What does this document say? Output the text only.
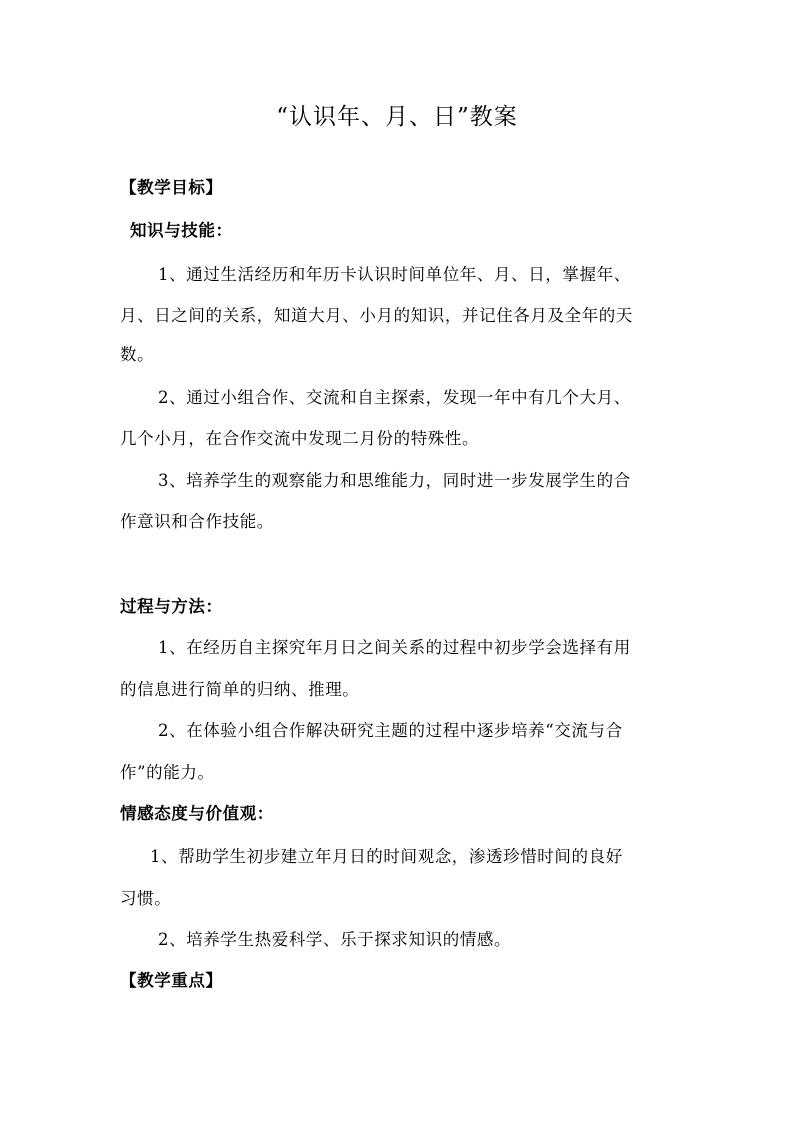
“认识年、月、日”教案
【教学目标】
知识与技能：
1、通过生活经历和年历卡认识时间单位年、月、日，掌握年、
月、日之间的关系，知道大月、小月的知识，并记住各月及全年的天
数。
2、通过小组合作、交流和自主探索，发现一年中有几个大月、
几个小月，在合作交流中发现二月份的特殊性。
3、培养学生的观察能力和思维能力，同时进一步发展学生的合
作意识和合作技能。
过程与方法：
1、在经历自主探究年月日之间关系的过程中初步学会选择有用
的信息进行简单的归纳、推理。
2、在体验小组合作解决研究主题的过程中逐步培养“交流与合
作”的能力。
情感态度与价值观：
1、帮助学生初步建立年月日的时间观念，渗透珍惜时间的良好
习惯。
2、培养学生热爱科学、乐于探求知识的情感。
【教学重点】
